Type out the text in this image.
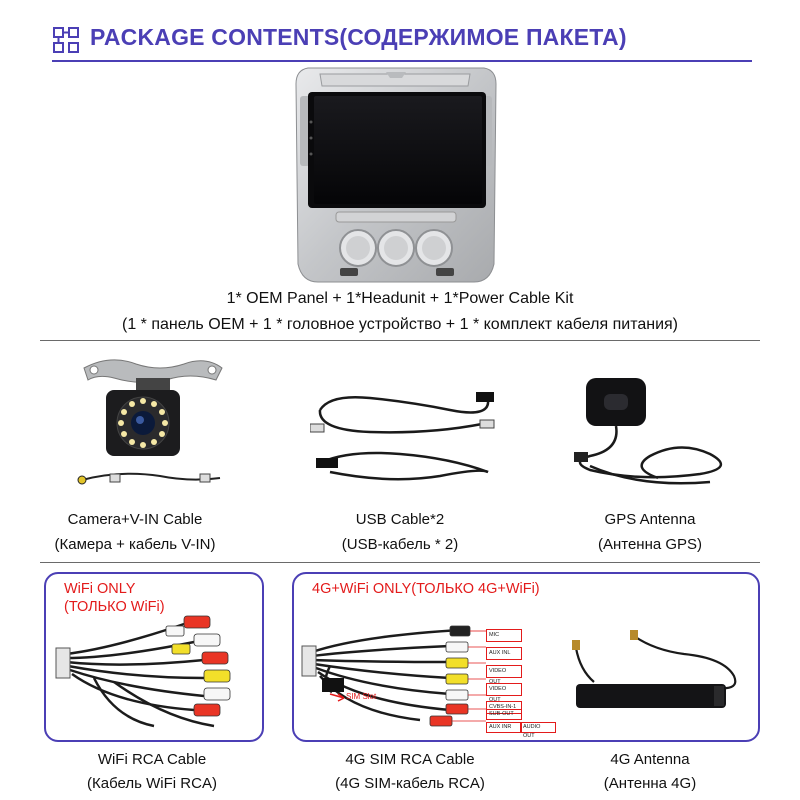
PACKAGE CONTENTS(СОДЕРЖИМОЕ ПАКЕТА)
1* OEM Panel + 1*Headunit + 1*Power Cable Kit
(1 * панель OEM + 1 * головное устройство + 1 * комплект кабеля питания)
Camera+V-IN Cable
(Камера + кабель V-IN)
USB Cable*2
(USB-кабель * 2)
GPS Antenna
(Антенна GPS)
WiFi ONLY
(ТОЛЬКО WiFi)
4G+WiFi ONLY(ТОЛЬКО 4G+WiFi)
SIM Slot
MIC
AUX INL
VIDEO OUT
VIDEO OUT
CVBS-IN-1
SUB-OUT
AUX INR	AUDIO OUT
WiFi RCA Cable
(Кабель WiFi RCA)
4G SIM RCA Cable
(4G SIM-кабель RCA)
4G Antenna
(Антенна 4G)
